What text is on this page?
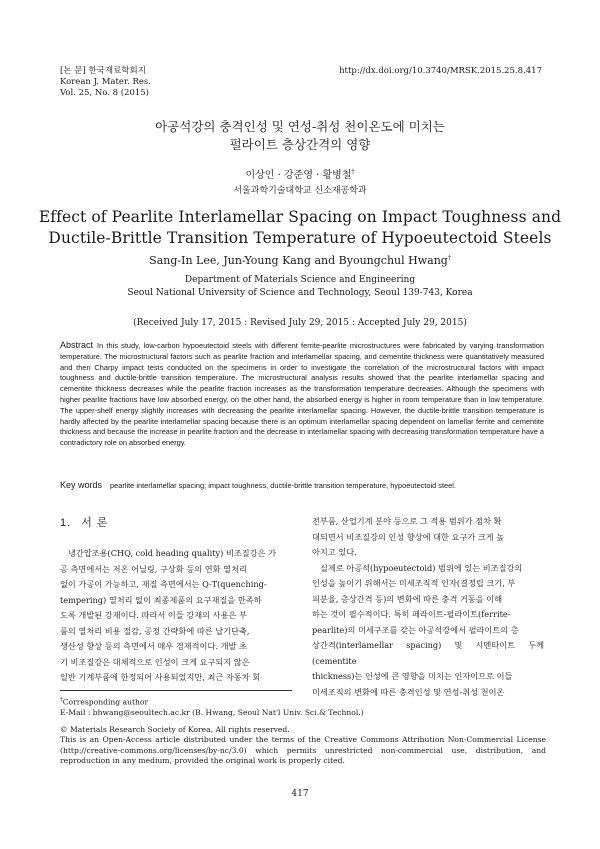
[논 문] 한국재료학회지
Korean J. Mater. Res.
Vol. 25, No. 8 (2015)
http://dx.doi.org/10.3740/MRSK.2015.25.8.417
아공석강의 충격인성 및 연성-취성 천이온도에 미치는
펄라이트 층상간격의 영향
이상인 · 강준영 · 황병철†
서울과학기술대학교 신소재공학과
Effect of Pearlite Interlamellar Spacing on Impact Toughness and
Ductile-Brittle Transition Temperature of Hypoeutectoid Steels
Sang-In Lee, Jun-Young Kang and Byoungchul Hwang†
Department of Materials Science and Engineering
Seoul National University of Science and Technology, Seoul 139-743, Korea
(Received July 17, 2015 : Revised July 29, 2015 : Accepted July 29, 2015)
Abstract In this study, low-carbon hypoeutectoid steels with different ferrite-pearlite microstructures were fabricated by varying transformation temperature. The microstructural factors such as pearlite fraction and interlamellar spacing, and cementite thickness were quantitatively measured and then Charpy impact tests conducted on the specimens in order to investigate the correlation of the microstructural factors with impact toughness and ductile-brittle transition temperature. The microstructural analysis results showed that the pearlite interlamellar spacing and cementite thickness decreases while the pearlite fraction increases as the transformation temperature decreases. Although the specimens with higher pearlite fractions have low absorbed energy, on the other hand, the absorbed energy is higher in room temperature than in low temperature. The upper-shelf energy slightly increases with decreasing the pearlite interlamellar spacing. However, the ductile-brittle transition temperature is hardly affected by the pearlite interlamellar spacing because there is an optimum interlamellar spacing dependent on lamellar ferrite and cementite thickness and because the increase in pearlite fraction and the decrease in interlamellar spacing with decreasing transformation temperature have a contradictory role on absorbed energy.
Key words pearlite interlamellar spacing; impact toughness, ductile-brittle transition temperature, hypoeutectoid steel.
1. 서 론
냉간압조용(CHQ, cold heading quality) 비조질강은 가
공 측면에서는 저온 어닐링, 구상화 등의 연화 열처리
없이 가공이 가능하고, 재질 측면에서는 Q-T(quenching-
tempering) 열처리 없이 최종제품의 요구재질을 만족하
도록 개발된 강재이다. 따라서 이들 강재의 사용은 부
품의 열처리 비용 절감, 공정 간략화에 따른 납기단축,
생산성 향상 등의 측면에서 매우 경제적이다. 개발 초
기 비조질강은 대체적으로 인성이 크게 요구되지 않은
일반 기계부품에 한정되어 사용되었지만, 최근 자동차 회
전부품, 산업기계 분야 등으로 그 적용 범위가 점차 확
대되면서 비조질강의 인성 향상에 대한 요구가 크게 높
아지고 있다.
실제로 아공석(hypoeutectoid) 범위에 있는 비조질강의
인성을 높이기 위해서는 미세조직적 인자(결정립 크기, 부
피분율, 층상간격 등)의 변화에 따른 충격 거동을 이해
하는 것이 필수적이다. 특히 페라이트-펄라이트(ferrite-
pearlite)의 미세구조를 갖는 아공석강에서 펄라이트의 층
상간격(interlamellar spacing) 및 시멘타이트 두께(cementite
thickness)는 인성에 큰 영향을 미치는 인자이므로 이들
미세조직의 변화에 따른 충격인성 및 연성-취성 천이온
†Corresponding author
E-Mail : bhwang@seoultech.ac.kr (B. Hwang, Seoul Nat'l Univ. Sci.& Technol.)
© Materials Research Society of Korea, All rights reserved.
This is an Open-Access article distributed under the terms of the Creative Commons Attribution Non-Commercial License (http://creative-commons.org/licenses/by-nc/3.0) which permits unrestricted non-commercial use, distribution, and reproduction in any medium, provided the original work is properly cited.
417
